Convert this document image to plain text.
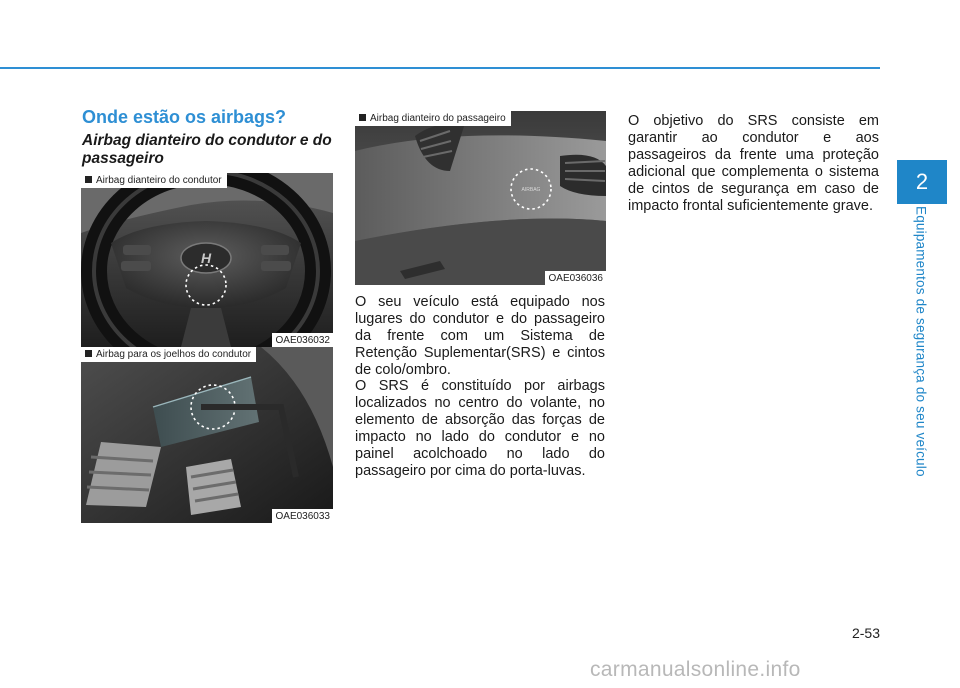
2
Equipamentos de segurança do seu veículo
Onde estão os airbags?
Airbag dianteiro do condutor e do passageiro
H
Airbag dianteiro do condutor
OAE036032
AIRBAG
Airbag para os joelhos do condutor
OAE036033
AIRBAG
Airbag dianteiro do passageiro
OAE036036

O seu veículo está equipado nos lugares do condutor e do passageiro da frente com um Sistema de Retenção Suplementar(SRS) e cintos de colo/ombro.

O SRS é constituído por airbags localizados no centro do volante, no elemento de absorção das forças de impacto no lado do condutor e no painel acolchoado no lado do passageiro por cima do porta-luvas.

O objetivo do SRS consiste em garantir ao condutor e aos passageiros da frente uma proteção adicional que complementa o sistema de cintos de segurança em caso de impacto frontal suficientemente grave.

2-53
carmanualsonline.info
